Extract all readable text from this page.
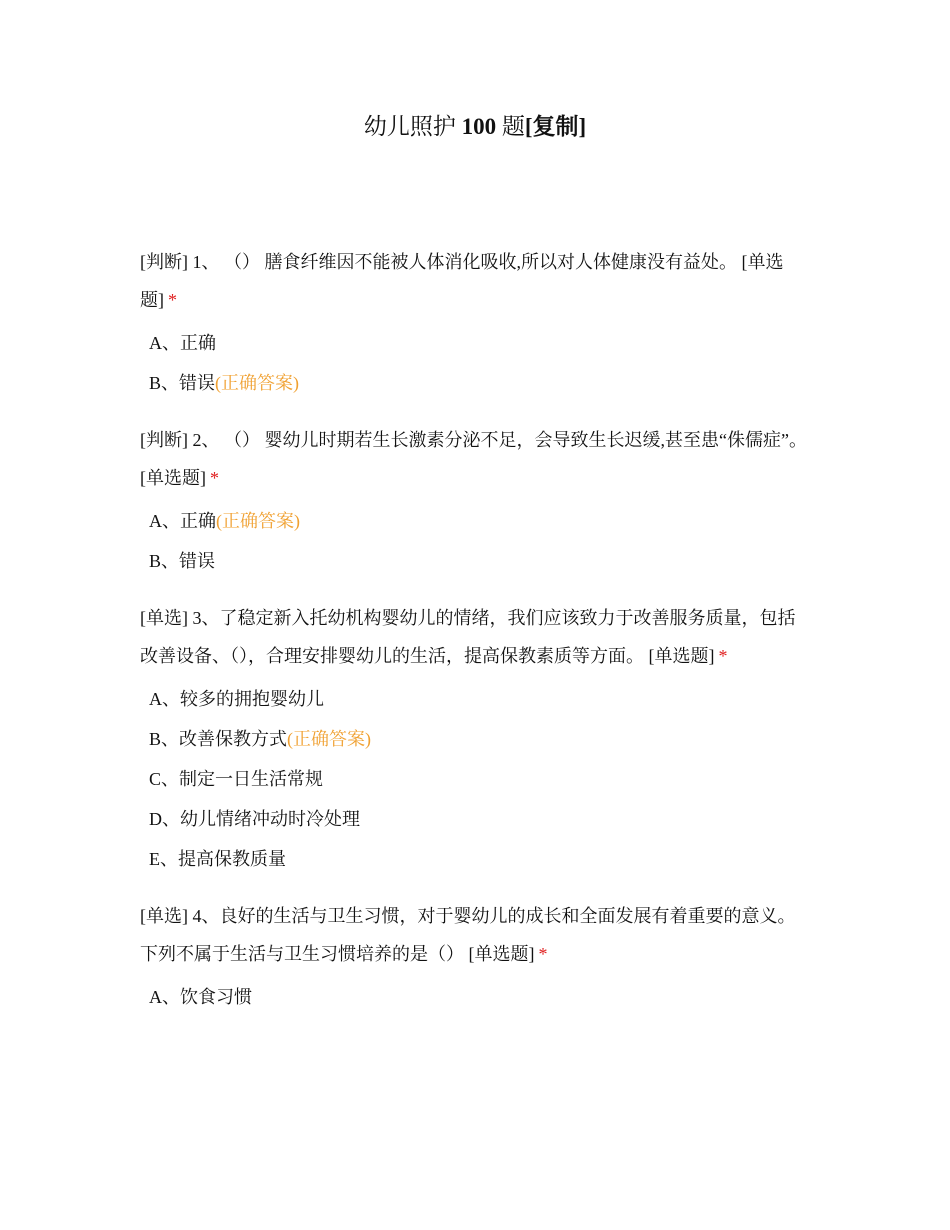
幼儿照护 100 题[复制]

[判断] 1、 （） 膳食纤维因不能被人体消化吸收,所以对人体健康没有益处。 [单选题] *

A、正确
B、错误(正确答案)

[判断] 2、 （） 婴幼儿时期若生长激素分泌不足，会导致生长迟缓,甚至患“侏儒症”。 [单选题] *

A、正确(正确答案)
B、错误

[单选] 3、了稳定新入托幼机构婴幼儿的情绪，我们应该致力于改善服务质量，包括改善设备、（），合理安排婴幼儿的生活，提高保教素质等方面。 [单选题] *

A、较多的拥抱婴幼儿
B、改善保教方式(正确答案)
C、制定一日生活常规
D、幼儿情绪冲动时冷处理
E、提高保教质量

[单选] 4、良好的生活与卫生习惯，对于婴幼儿的成长和全面发展有着重要的意义。下列不属于生活与卫生习惯培养的是（） [单选题] *

A、饮食习惯
